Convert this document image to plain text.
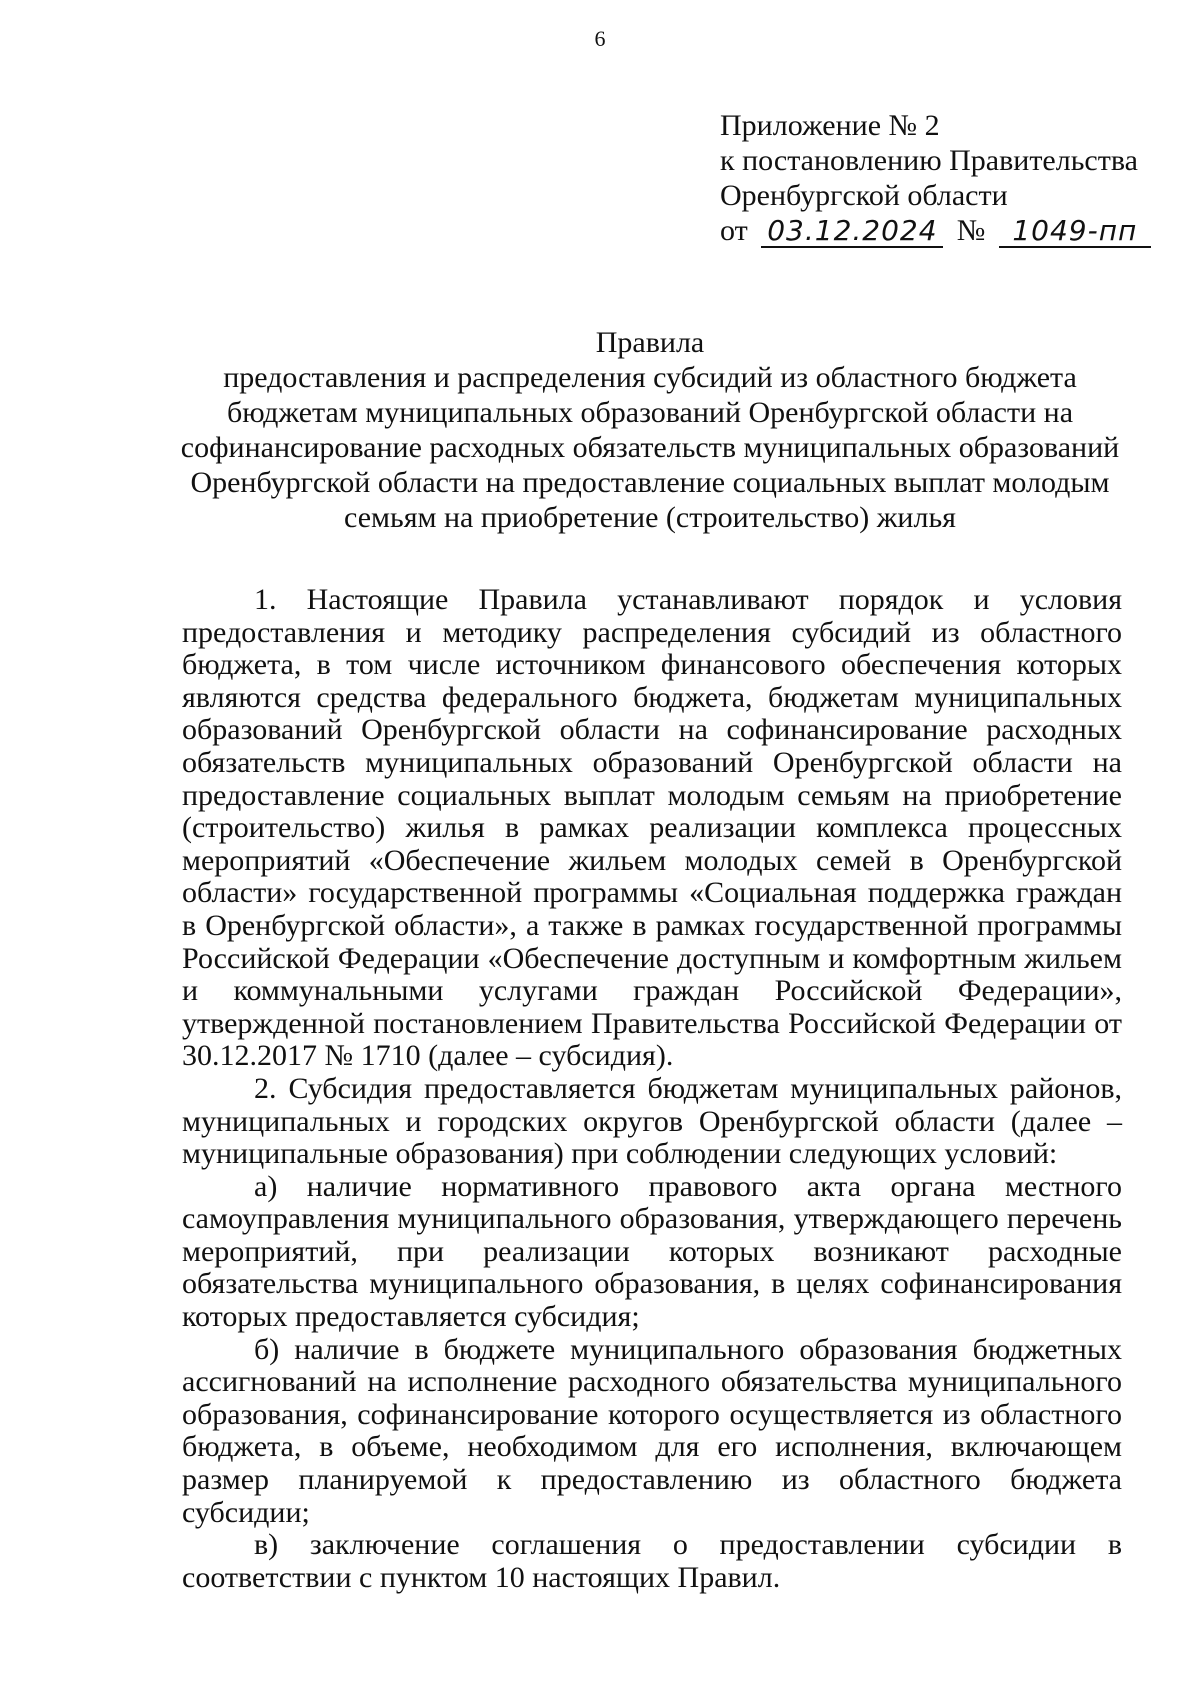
6
Приложение № 2
к постановлению Правительства
Оренбургской области
от 03.12.2024 № 1049-пп
Правила
предоставления и распределения субсидий из областного бюджета
бюджетам муниципальных образований Оренбургской области на
софинансирование расходных обязательств муниципальных образований
Оренбургской области на предоставление социальных выплат молодым
семьям на приобретение (строительство) жилья

1. Настоящие Правила устанавливают порядок и условия предоставления и методику распределения субсидий из областного бюджета, в том числе источником финансового обеспечения которых являются средства федерального бюджета, бюджетам муниципальных образований Оренбургской области на софинансирование расходных обязательств муниципальных образований Оренбургской области на предоставление социальных выплат молодым семьям на приобретение (строительство) жилья в рамках реализации комплекса процессных мероприятий «Обеспечение жильем молодых семей в Оренбургской области» государственной программы «Социальная поддержка граждан в Оренбургской области», а также в рамках государственной программы Российской Федерации «Обеспечение доступным и комфортным жильем и коммунальными услугами граждан Российской Федерации», утвержденной постановлением Правительства Российской Федерации от 30.12.2017 № 1710 (далее – субсидия).

2. Субсидия предоставляется бюджетам муниципальных районов, муниципальных и городских округов Оренбургской области (далее – муниципальные образования) при соблюдении следующих условий:

а) наличие нормативного правового акта органа местного самоуправления муниципального образования, утверждающего перечень мероприятий, при реализации которых возникают расходные обязательства муниципального образования, в целях софинансирования которых предоставляется субсидия;

б) наличие в бюджете муниципального образования бюджетных ассигнований на исполнение расходного обязательства муниципального образования, софинансирование которого осуществляется из областного бюджета, в объеме, необходимом для его исполнения, включающем размер планируемой к предоставлению из областного бюджета субсидии;

в) заключение соглашения о предоставлении субсидии в соответствии с пунктом 10 настоящих Правил.
